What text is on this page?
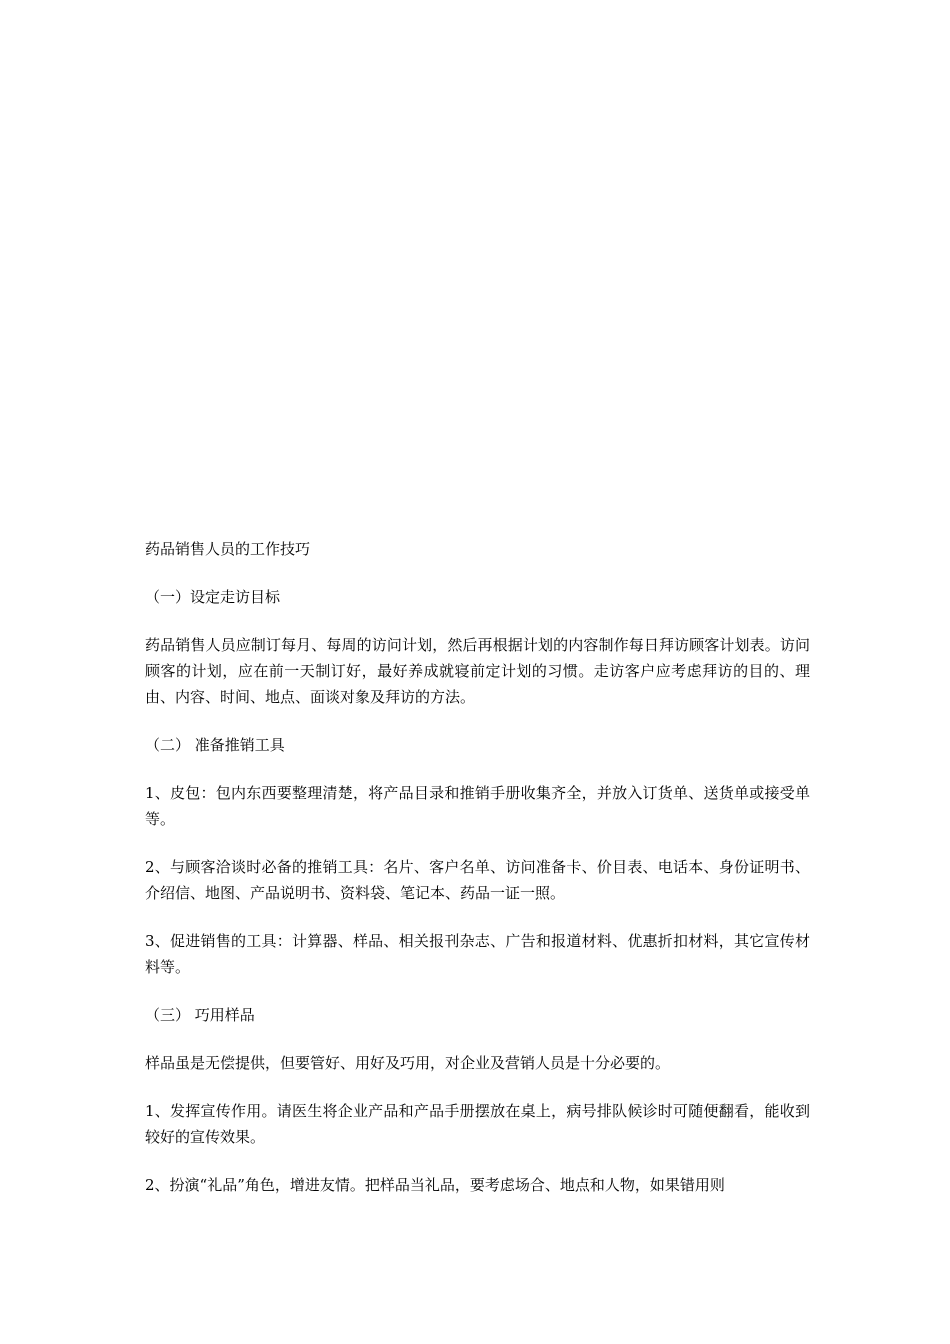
药品销售人员的工作技巧

（一）设定走访目标

药品销售人员应制订每月、每周的访问计划，然后再根据计划的内容制作每日拜访顾客计划表。访问顾客的计划，应在前一天制订好，最好养成就寝前定计划的习惯。走访客户应考虑拜访的目的、理由、内容、时间、地点、面谈对象及拜访的方法。

（二） 准备推销工具

1、皮包：包内东西要整理清楚，将产品目录和推销手册收集齐全，并放入订货单、送货单或接受单等。

2、与顾客洽谈时必备的推销工具：名片、客户名单、访问准备卡、价目表、电话本、身份证明书、介绍信、地图、产品说明书、资料袋、笔记本、药品一证一照。

3、促进销售的工具：计算器、样品、相关报刊杂志、广告和报道材料、优惠折扣材料，其它宣传材料等。

（三） 巧用样品

样品虽是无偿提供，但要管好、用好及巧用，对企业及营销人员是十分必要的。

1、发挥宣传作用。请医生将企业产品和产品手册摆放在桌上，病号排队候诊时可随便翻看，能收到较好的宣传效果。

2、扮演“礼品”角色，增进友情。把样品当礼品，要考虑场合、地点和人物，如果错用则
